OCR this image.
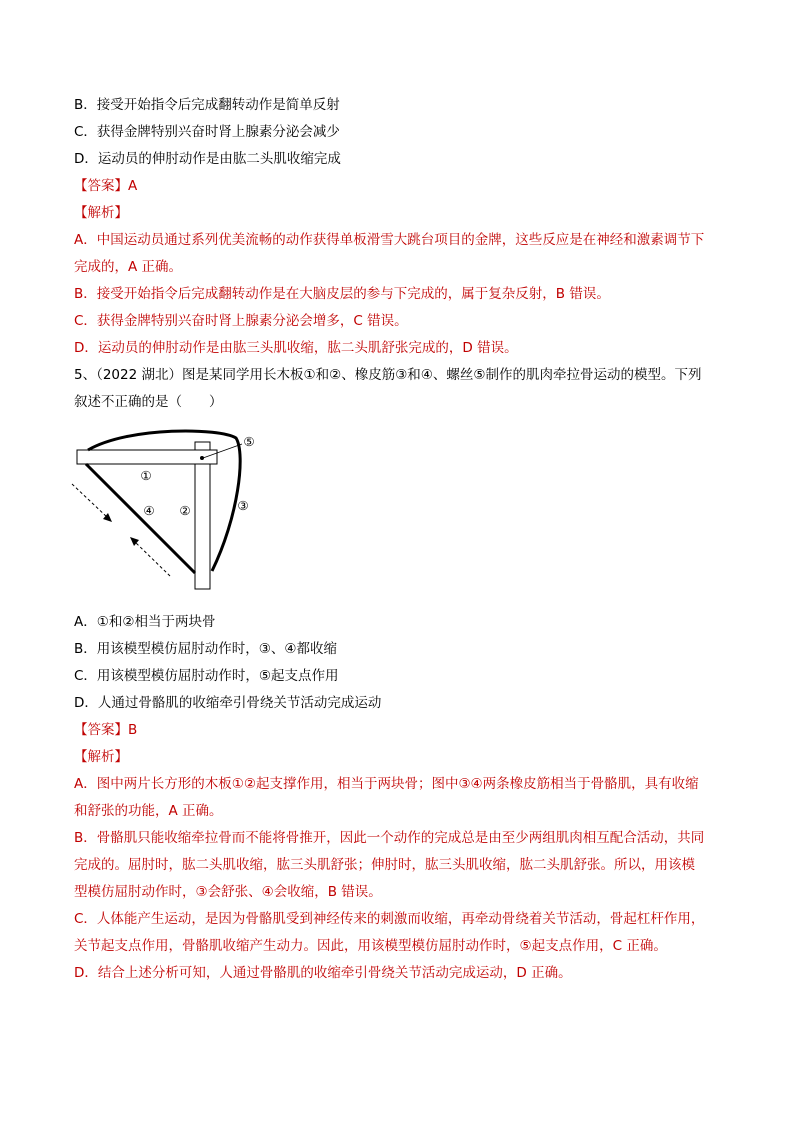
B．接受开始指令后完成翻转动作是简单反射
C．获得金牌特别兴奋时肾上腺素分泌会减少
D．运动员的伸肘动作是由肱二头肌收缩完成
【答案】A
【解析】
A．中国运动员通过系列优美流畅的动作获得单板滑雪大跳台项目的金牌，这些反应是在神经和激素调节下
完成的，A 正确。
B．接受开始指令后完成翻转动作是在大脑皮层的参与下完成的，属于复杂反射，B 错误。
C．获得金牌特别兴奋时肾上腺素分泌会增多，C 错误。
D．运动员的伸肘动作是由肱三头肌收缩，肱二头肌舒张完成的，D 错误。
5、（2022 湖北）图是某同学用长木板①和②、橡皮筋③和④、螺丝⑤制作的肌肉牵拉骨运动的模型。下列
叙述不正确的是（　　）
①
④ ②	③
⑤
A．①和②相当于两块骨
B．用该模型模仿屈肘动作时，③、④都收缩
C．用该模型模仿屈肘动作时，⑤起支点作用
D．人通过骨骼肌的收缩牵引骨绕关节活动完成运动
【答案】B
【解析】
A．图中两片长方形的木板①②起支撑作用，相当于两块骨；图中③④两条橡皮筋相当于骨骼肌，具有收缩
和舒张的功能，A 正确。
B．骨骼肌只能收缩牵拉骨而不能将骨推开，因此一个动作的完成总是由至少两组肌肉相互配合活动，共同
完成的。屈肘时，肱二头肌收缩，肱三头肌舒张；伸肘时，肱三头肌收缩，肱二头肌舒张。所以，用该模
型模仿屈肘动作时，③会舒张、④会收缩，B 错误。
C．人体能产生运动，是因为骨骼肌受到神经传来的刺激而收缩，再牵动骨绕着关节活动，骨起杠杆作用，
关节起支点作用，骨骼肌收缩产生动力。因此，用该模型模仿屈肘动作时，⑤起支点作用，C 正确。
D．结合上述分析可知，人通过骨骼肌的收缩牵引骨绕关节活动完成运动，D 正确。
